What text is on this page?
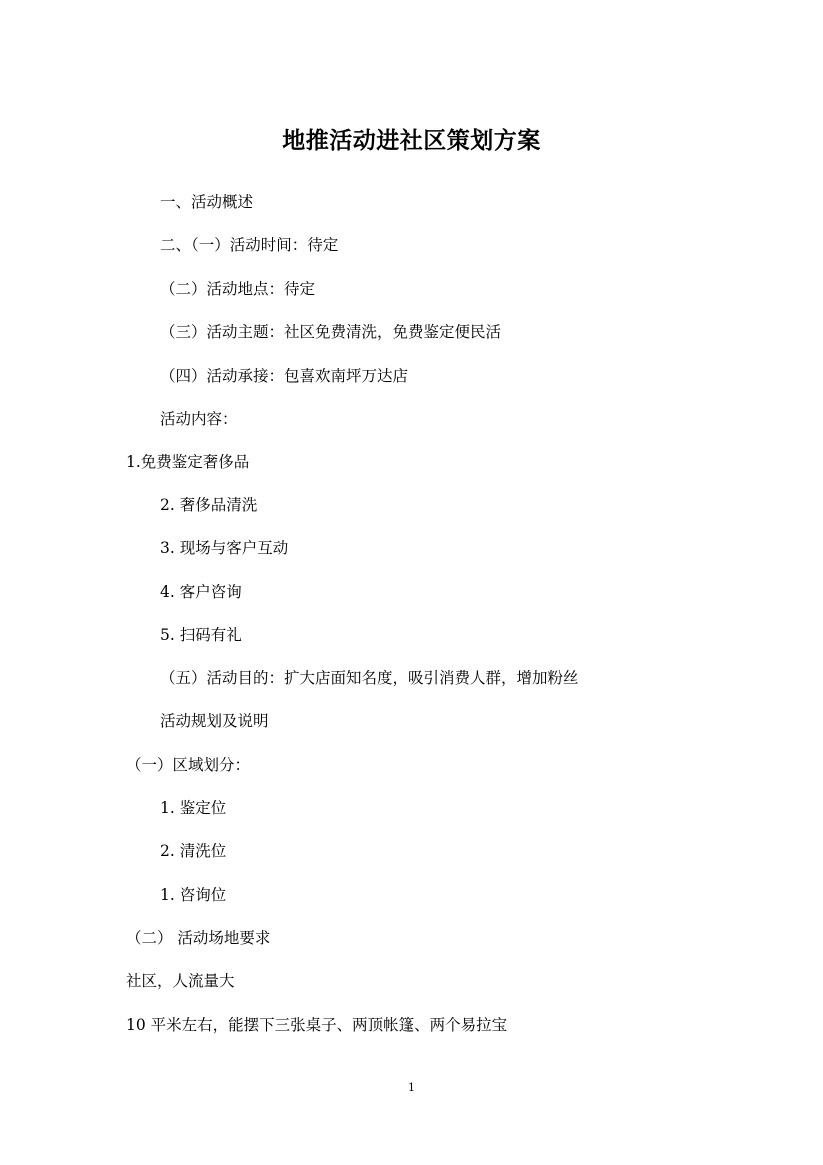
地推活动进社区策划方案
一、活动概述
二、（一）活动时间：待定
（二）活动地点：待定
（三）活动主题：社区免费清洗，免费鉴定便民活
（四）活动承接：包喜欢南坪万达店
活动内容：
1.免费鉴定奢侈品
2. 奢侈品清洗
3. 现场与客户互动
4. 客户咨询
5. 扫码有礼
（五）活动目的：扩大店面知名度，吸引消费人群，增加粉丝
活动规划及说明
（一）区域划分：
1. 鉴定位
2. 清洗位
1. 咨询位
（二） 活动场地要求
社区，人流量大
10 平米左右，能摆下三张桌子、两顶帐篷、两个易拉宝
1
